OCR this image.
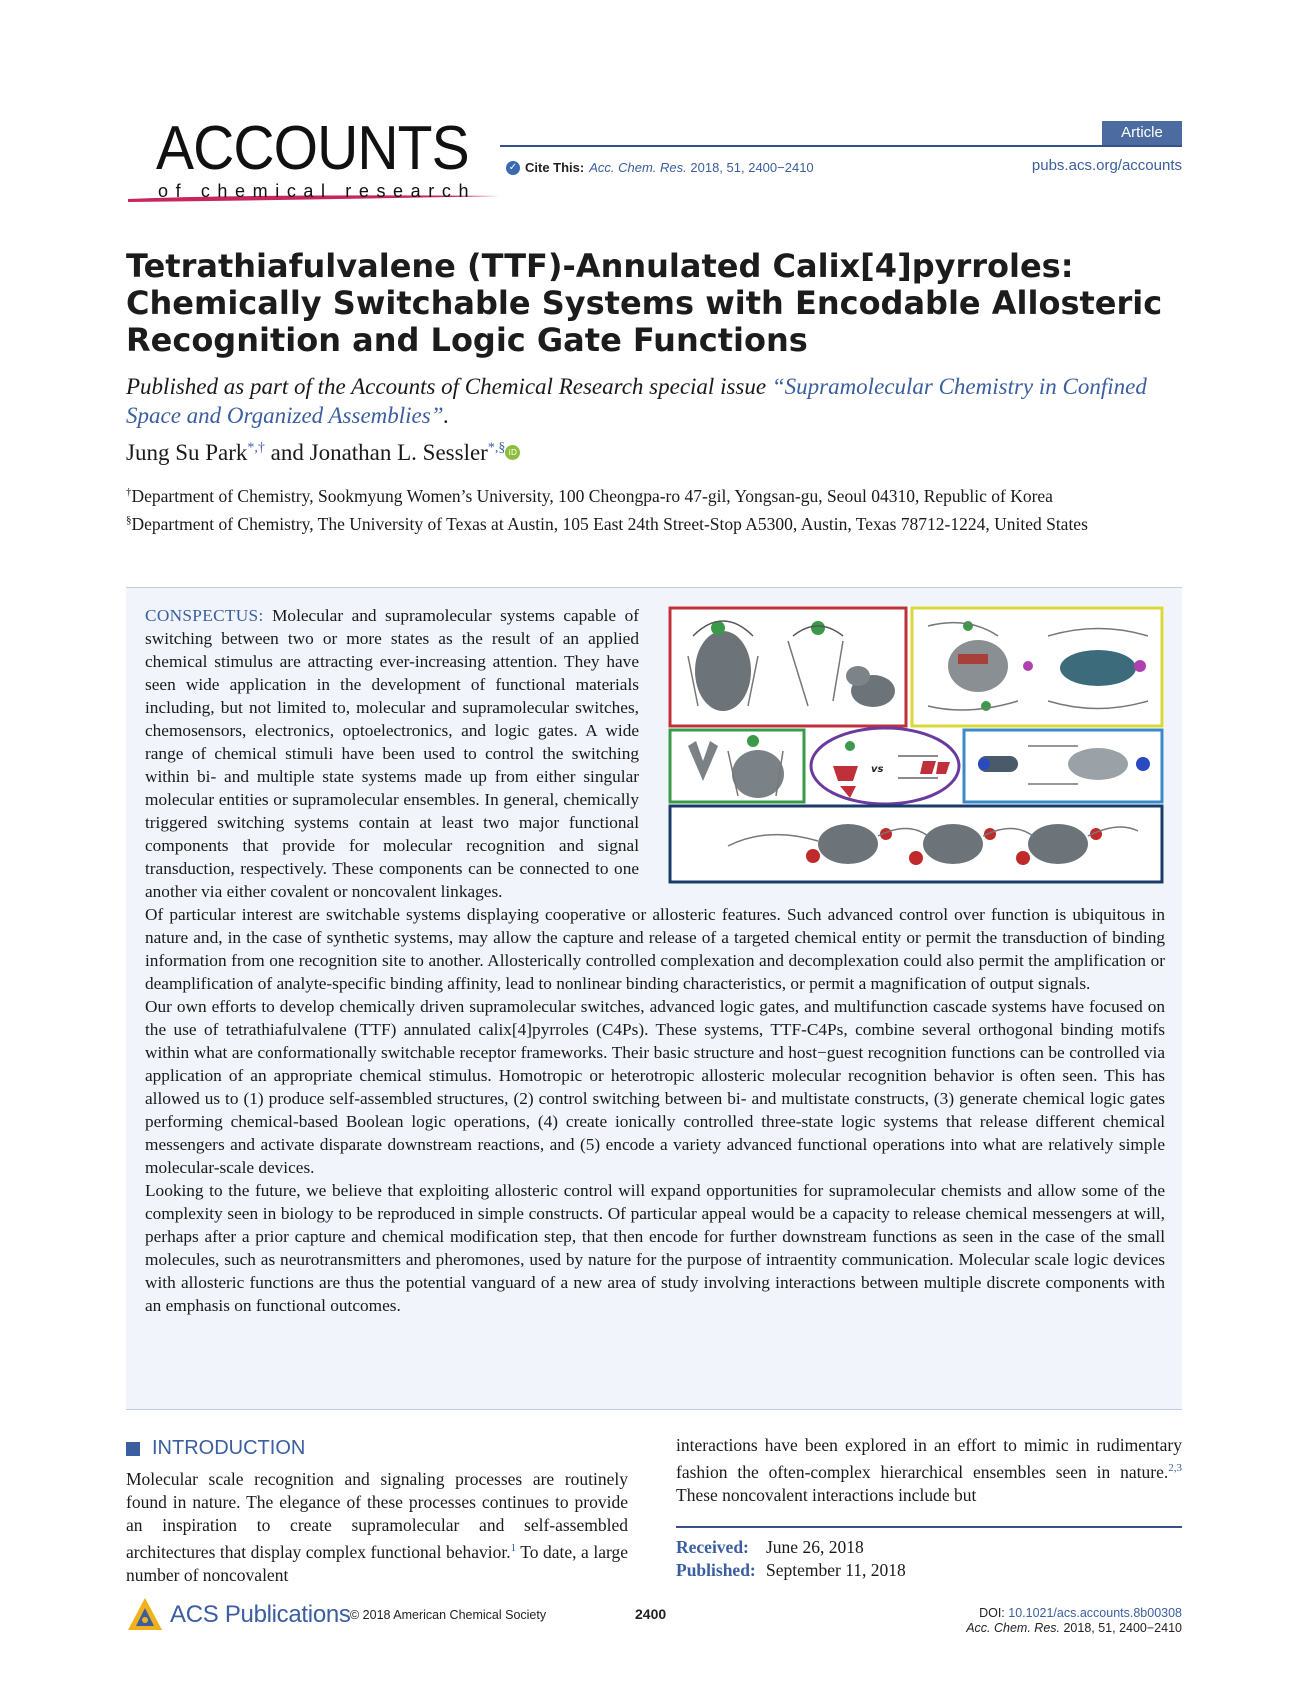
ACCOUNTS
of chemical research
Article
✓ Cite This: Acc. Chem. Res. 2018, 51, 2400−2410	pubs.acs.org/accounts
Tetrathiafulvalene (TTF)-Annulated Calix[4]pyrroles: Chemically Switchable Systems with Encodable Allosteric Recognition and Logic Gate Functions
Published as part of the Accounts of Chemical Research special issue “Supramolecular Chemistry in Confined Space and Organized Assemblies”.
Jung Su Park*,† and Jonathan L. Sessler*,§ iD
†Department of Chemistry, Sookmyung Women’s University, 100 Cheongpa-ro 47-gil, Yongsan-gu, Seoul 04310, Republic of Korea
§Department of Chemistry, The University of Texas at Austin, 105 East 24th Street-Stop A5300, Austin, Texas 78712-1224, United States
vs

CONSPECTUS: Molecular and supramolecular systems capable of switching between two or more states as the result of an applied chemical stimulus are attracting ever-increasing attention. They have seen wide application in the development of functional materials including, but not limited to, molecular and supramolecular switches, chemosensors, electronics, optoelectronics, and logic gates. A wide range of chemical stimuli have been used to control the switching within bi- and multiple state systems made up from either singular molecular entities or supramolecular ensembles. In general, chemically triggered switching systems contain at least two major functional components that provide for molecular recognition and signal transduction, respectively. These components can be connected to one another via either covalent or noncovalent linkages.

Of particular interest are switchable systems displaying cooperative or allosteric features. Such advanced control over function is ubiquitous in nature and, in the case of synthetic systems, may allow the capture and release of a targeted chemical entity or permit the transduction of binding information from one recognition site to another. Allosterically controlled complexation and decomplexation could also permit the amplification or deamplification of analyte-specific binding affinity, lead to nonlinear binding characteristics, or permit a magnification of output signals.

Our own efforts to develop chemically driven supramolecular switches, advanced logic gates, and multifunction cascade systems have focused on the use of tetrathiafulvalene (TTF) annulated calix[4]pyrroles (C4Ps). These systems, TTF-C4Ps, combine several orthogonal binding motifs within what are conformationally switchable receptor frameworks. Their basic structure and host−guest recognition functions can be controlled via application of an appropriate chemical stimulus. Homotropic or heterotropic allosteric molecular recognition behavior is often seen. This has allowed us to (1) produce self-assembled structures, (2) control switching between bi- and multistate constructs, (3) generate chemical logic gates performing chemical-based Boolean logic operations, (4) create ionically controlled three-state logic systems that release different chemical messengers and activate disparate downstream reactions, and (5) encode a variety advanced functional operations into what are relatively simple molecular-scale devices.

Looking to the future, we believe that exploiting allosteric control will expand opportunities for supramolecular chemists and allow some of the complexity seen in biology to be reproduced in simple constructs. Of particular appeal would be a capacity to release chemical messengers at will, perhaps after a prior capture and chemical modification step, that then encode for further downstream functions as seen in the case of the small molecules, such as neurotransmitters and pheromones, used by nature for the purpose of intraentity communication. Molecular scale logic devices with allosteric functions are thus the potential vanguard of a new area of study involving interactions between multiple discrete components with an emphasis on functional outcomes.

INTRODUCTION
Molecular scale recognition and signaling processes are routinely found in nature. The elegance of these processes continues to provide an inspiration to create supramolecular and self-assembled architectures that display complex functional behavior.$^1$ To date, a large number of noncovalent
interactions have been explored in an effort to mimic in rudimentary fashion the often-complex hierarchical ensembles seen in nature.$^{2,3}$ These noncovalent interactions include but
Received: June 26, 2018
Published: September 11, 2018
ACS Publications © 2018 American Chemical Society	2400	DOI: 10.1021/acs.accounts.8b00308
Acc. Chem. Res. 2018, 51, 2400−2410
